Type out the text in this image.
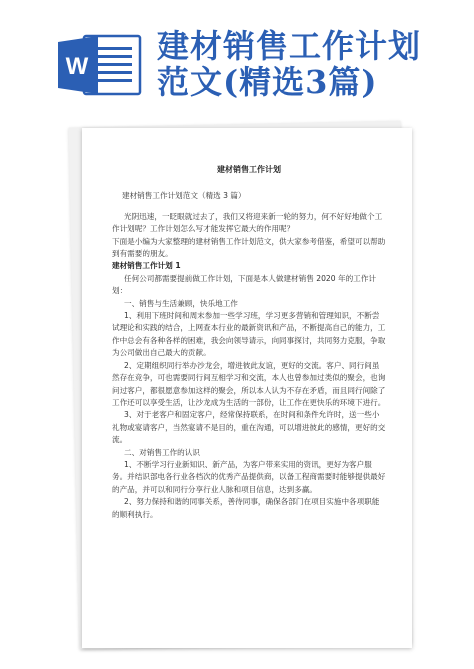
W
建材销售工作计划
范文(精选3篇)

建材销售工作计划

建材销售工作计划范文（精选 3 篇）

光阴迅速，一眨眼就过去了，我们又将迎来新一轮的努力，何不好好地做个工作计划呢？工作计划怎么写才能发挥它最大的作用呢？

下面是小编为大家整理的建材销售工作计划范文，供大家参考借鉴，希望可以帮助到有需要的朋友。

建材销售工作计划 1

任何公司都需要提前做工作计划，下面是本人做建材销售 2020 年的工作计划：

一、销售与生活兼顾，快乐地工作

1、利用下班时间和周末参加一些学习班，学习更多营销和管理知识，不断尝试理论和实践的结合，上网查本行业的最新资讯和产品，不断提高自己的能力，工作中总会有各种各样的困难，我会向领导请示，向同事探讨，共同努力克服，争取为公司做出自己最大的贡献。

2、定期组织同行举办沙龙会，增进彼此友谊，更好的交流。客户、同行间虽然存在竞争，可也需要同行间互相学习和交流，本人也曾参加过类似的聚会，也询问过客户，都很愿意参加这样的聚会，所以本人认为不存在矛盾，而且同行间除了工作还可以享受生活，让沙龙成为生活的一部份，让工作在更快乐的环境下进行。

3、对于老客户和固定客户，经常保持联系，在时间和条件允许时，送一些小礼物或宴请客户，当然宴请不是目的，重在沟通，可以增进彼此的感情，更好的交流。

二、对销售工作的认识

1、不断学习行业新知识、新产品，为客户带来实用的资讯，更好为客户服务。并结识部电各行业各档次的优秀产品提供商，以备工程商需要时能够提供最好的产品，并可以和同行分享行业人脉和项目信息，达到多赢。

2、努力保持和谐的同事关系，善待同事，确保各部门在项目实施中各项职能的顺利执行。
